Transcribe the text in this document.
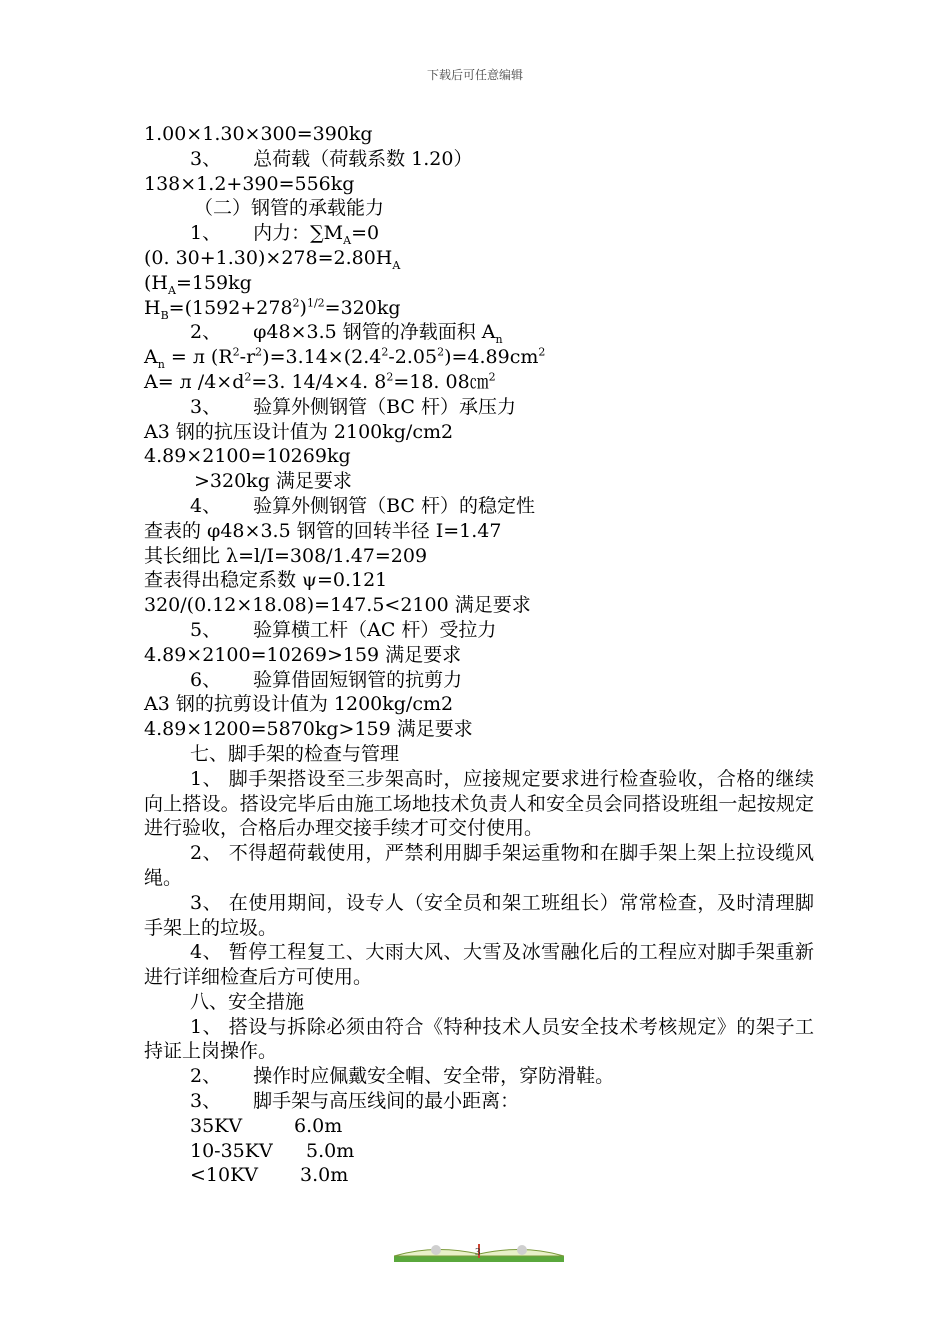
下载后可任意编辑
1.00×1.30×300=390kg
3、 总荷载（荷载系数 1.20）
138×1.2+390=556kg
（二）钢管的承载能力
1、 内力：$\sum M_A=0$
(0. $30+1.30)\times 278=2.80H_A$
($H_A=159kg$
$H_B=(1592+278^2)^{1/2}=320kg$
2、 φ48×3.5 钢管的净载面积 $A_n$
$A_n = л$ $(R^2-r^2)=3.14\times(2.4^2-2.05^2)=4.89cm^2$
A= л $/4\times d^2=3$. 14/4×4. $8^2=18$. 08㎝$^2$
3、 验算外侧钢管（BC 杆）承压力
A3 钢的抗压设计值为 2100kg/cm2
4.89×2100=10269kg
>320kg 满足要求
4、 验算外侧钢管（BC 杆）的稳定性
查表的 φ48×3.5 钢管的回转半径 I=1.47
其长细比 λ=l/I=308/1.47=209
查表得出稳定系数 ψ=0.121
320/(0.12×18.08)=147.5<2100 满足要求
5、 验算横工杆（AC 杆）受拉力
4.89×2100=10269>159 满足要求
6、 验算借固短钢管的抗剪力
A3 钢的抗剪设计值为 1200kg/cm2
4.89×1200=5870kg>159 满足要求
七、脚手架的检查与管理
1、 脚手架搭设至三步架高时，应接规定要求进行检查验收，合格的继续向上搭设。搭设完毕后由施工场地技术负责人和安全员会同搭设班组一起按规定进行验收，合格后办理交接手续才可交付使用。
2、 不得超荷载使用，严禁利用脚手架运重物和在脚手架上架上拉设缆风绳。
3、 在使用期间，设专人（安全员和架工班组长）常常检查，及时清理脚手架上的垃圾。
4、 暂停工程复工、大雨大风、大雪及冰雪融化后的工程应对脚手架重新进行详细检查后方可使用。
八、安全措施
1、 搭设与拆除必须由符合《特种技术人员安全技术考核规定》的架子工持证上岗操作。
2、 操作时应佩戴安全帽、安全带，穿防滑鞋。
3、 脚手架与高压线间的最小距离：
35KV	6.0m
10-35KV 5.0m
<10KV 3.0m
3
